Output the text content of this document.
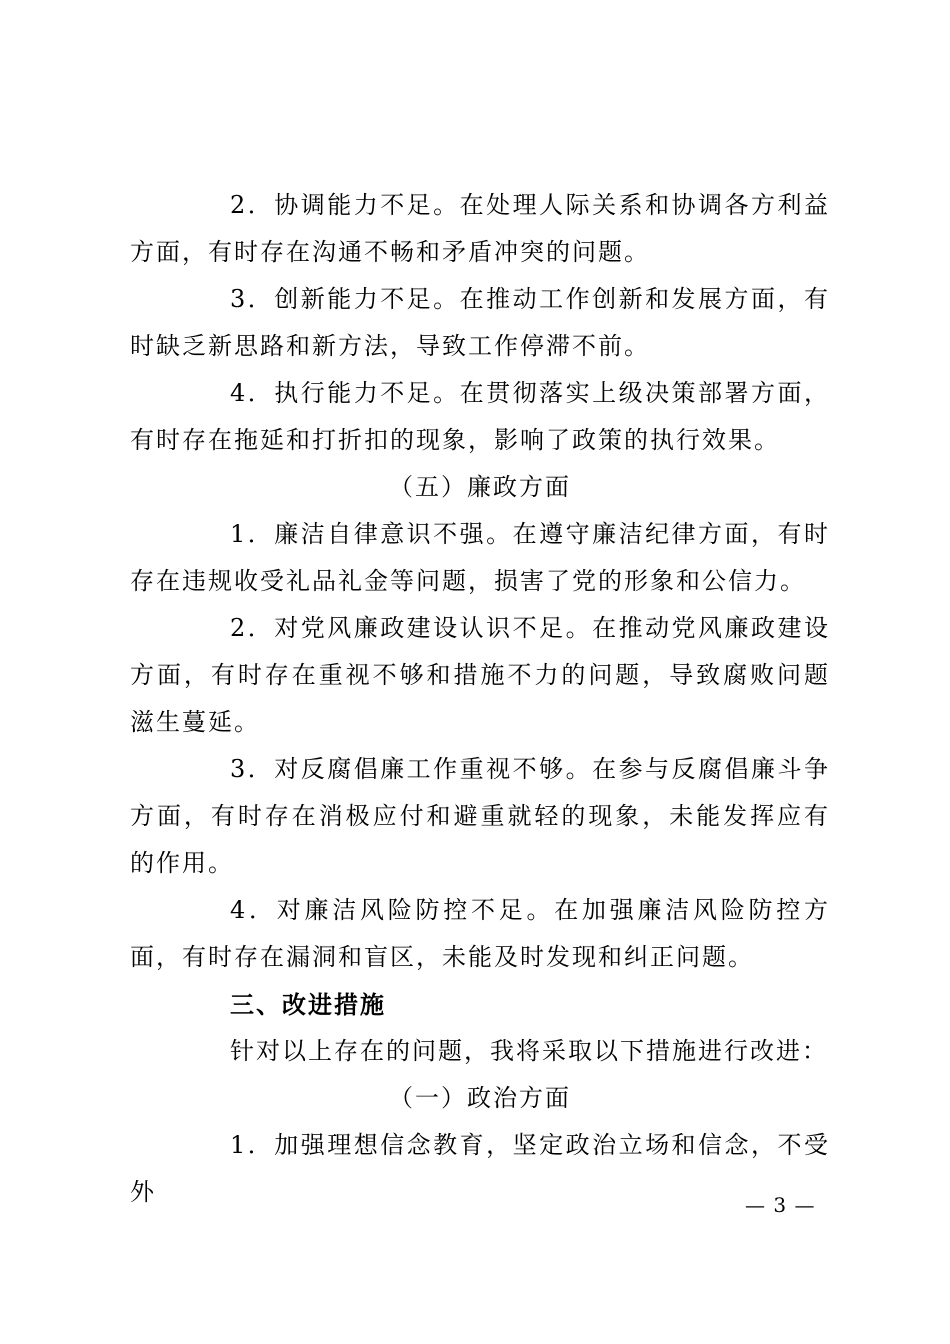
2．协调能力不足。在处理人际关系和协调各方利益方面，有时存在沟通不畅和矛盾冲突的问题。

3．创新能力不足。在推动工作创新和发展方面，有时缺乏新思路和新方法，导致工作停滞不前。

4．执行能力不足。在贯彻落实上级决策部署方面，有时存在拖延和打折扣的现象，影响了政策的执行效果。

（五）廉政方面

1．廉洁自律意识不强。在遵守廉洁纪律方面，有时存在违规收受礼品礼金等问题，损害了党的形象和公信力。

2．对党风廉政建设认识不足。在推动党风廉政建设方面，有时存在重视不够和措施不力的问题，导致腐败问题滋生蔓延。

3．对反腐倡廉工作重视不够。在参与反腐倡廉斗争方面，有时存在消极应付和避重就轻的现象，未能发挥应有的作用。

4．对廉洁风险防控不足。在加强廉洁风险防控方面，有时存在漏洞和盲区，未能及时发现和纠正问题。

三、改进措施

针对以上存在的问题，我将采取以下措施进行改进：

（一）政治方面

1．加强理想信念教育，坚定政治立场和信念，不受外	— 3 —
